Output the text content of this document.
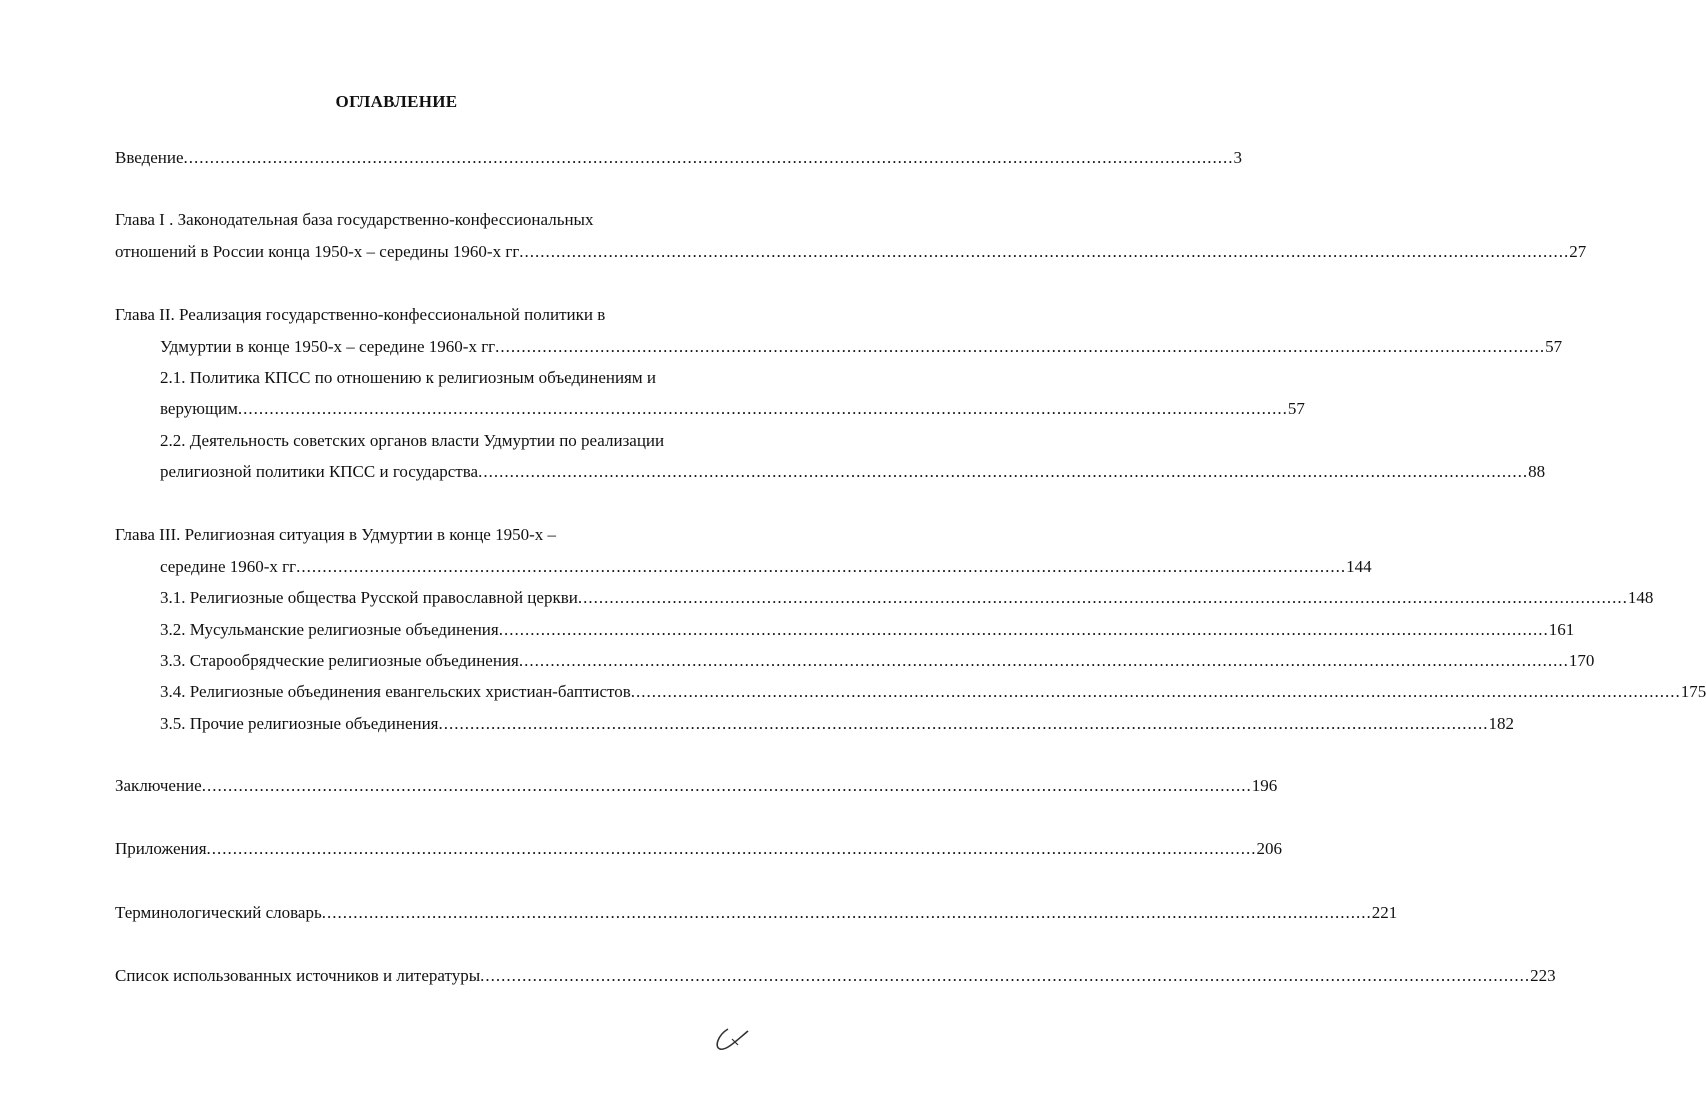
ОГЛАВЛЕНИЕ
Введение ........................................................................................................................................................................................................ 3
Глава I . Законодательная база государственно-конфессиональных
отношений в России конца 1950-х – середины 1960-х гг ........................................................................................................................................................................................................ 27
Глава II. Реализация государственно-конфессиональной политики в
Удмуртии в конце 1950-х – середине 1960-х гг ........................................................................................................................................................................................................ 57
2.1. Политика КПСС по отношению к религиозным объединениям и
верующим ........................................................................................................................................................................................................ 57
2.2. Деятельность советских органов власти Удмуртии по реализации
религиозной политики КПСС и государства ........................................................................................................................................................................................................ 88
Глава III. Религиозная ситуация в Удмуртии в конце 1950-х –
середине 1960-х гг ........................................................................................................................................................................................................ 144
3.1. Религиозные общества Русской православной церкви ........................................................................................................................................................................................................ 148
3.2. Мусульманские религиозные объединения ........................................................................................................................................................................................................ 161
3.3. Старообрядческие религиозные объединения ........................................................................................................................................................................................................ 170
3.4. Религиозные объединения евангельских христиан-баптистов ........................................................................................................................................................................................................ 175
3.5. Прочие религиозные объединения ........................................................................................................................................................................................................ 182
Заключение ........................................................................................................................................................................................................ 196
Приложения ........................................................................................................................................................................................................ 206
Терминологический словарь ........................................................................................................................................................................................................ 221
Список использованных источников и литературы ........................................................................................................................................................................................................ 223
